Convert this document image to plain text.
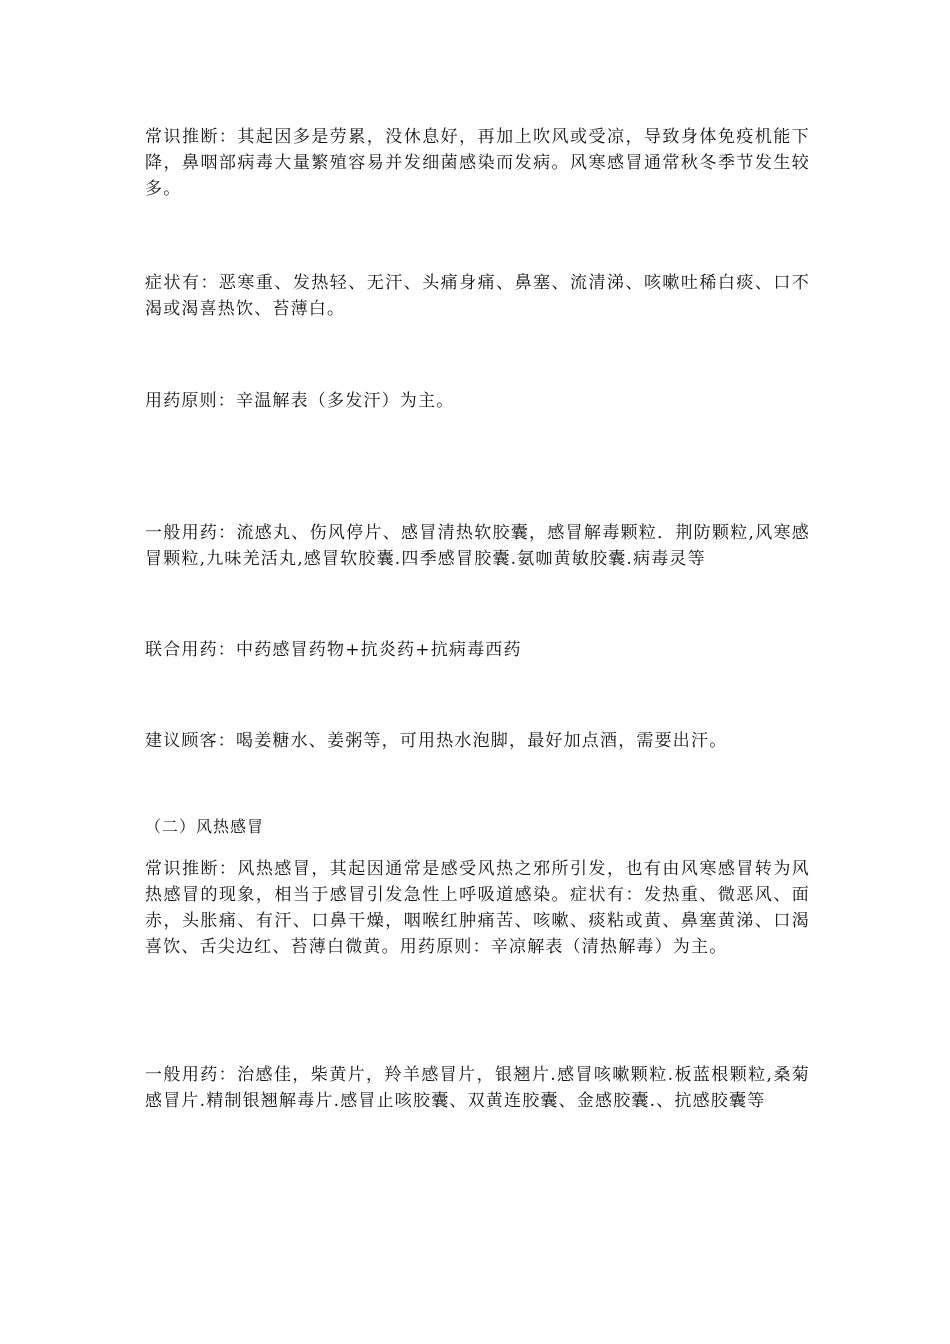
常识推断：其起因多是劳累，没休息好，再加上吹风或受凉，导致身体免疫机能下降，鼻咽部病毒大量繁殖容易并发细菌感染而发病。风寒感冒通常秋冬季节发生较多。

症状有：恶寒重、发热轻、无汗、头痛身痛、鼻塞、流清涕、咳嗽吐稀白痰、口不渴或渴喜热饮、苔薄白。

用药原则：辛温解表（多发汗）为主。

一般用药：流感丸、伤风停片、感冒清热软胶囊，感冒解毒颗粒．荆防颗粒,风寒感冒颗粒,九味羌活丸,感冒软胶囊.四季感冒胶囊.氨咖黄敏胶囊.病毒灵等

联合用药：中药感冒药物+抗炎药+抗病毒西药

建议顾客：喝姜糖水、姜粥等，可用热水泡脚，最好加点酒，需要出汗。

（二）风热感冒

常识推断：风热感冒，其起因通常是感受风热之邪所引发，也有由风寒感冒转为风热感冒的现象，相当于感冒引发急性上呼吸道感染。症状有：发热重、微恶风、面赤，头胀痛、有汗、口鼻干燥，咽喉红肿痛苦、咳嗽、痰粘或黄、鼻塞黄涕、口渴喜饮、舌尖边红、苔薄白微黄。用药原则：辛凉解表（清热解毒）为主。

一般用药：治感佳，柴黄片，羚羊感冒片，银翘片.感冒咳嗽颗粒.板蓝根颗粒,桑菊感冒片.精制银翘解毒片.感冒止咳胶囊、双黄连胶囊、金感胶囊.、抗感胶囊等
